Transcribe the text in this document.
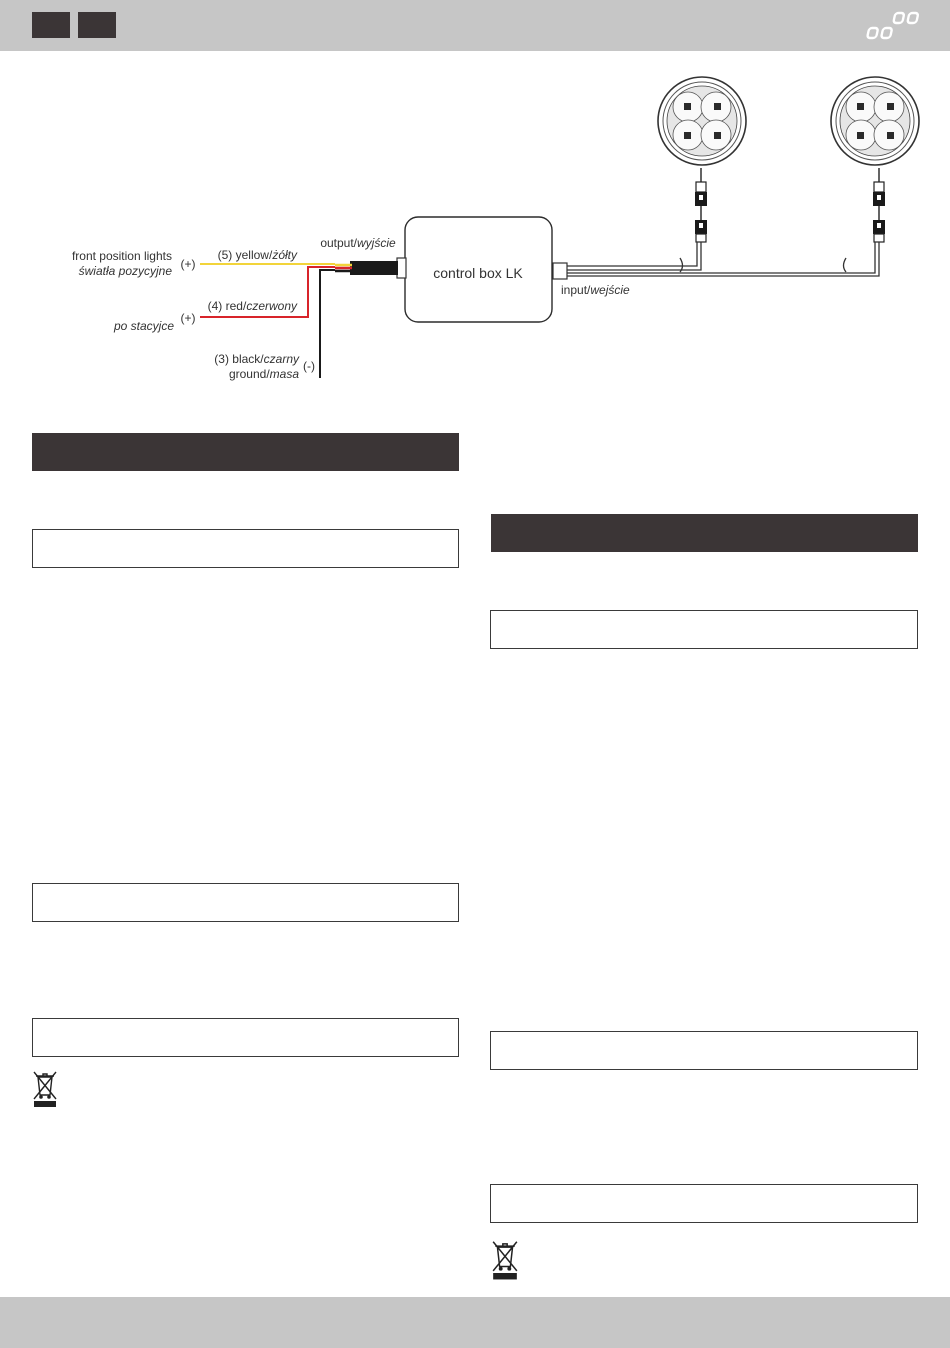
control box LK
output/wyjście
input/wejście
front position lights
światła pozycyjne (+)
(5) yellow/żółty
(4) red/czerwony
(+)
po stacyjce
(3) black/czarny
ground/masa
(-)
